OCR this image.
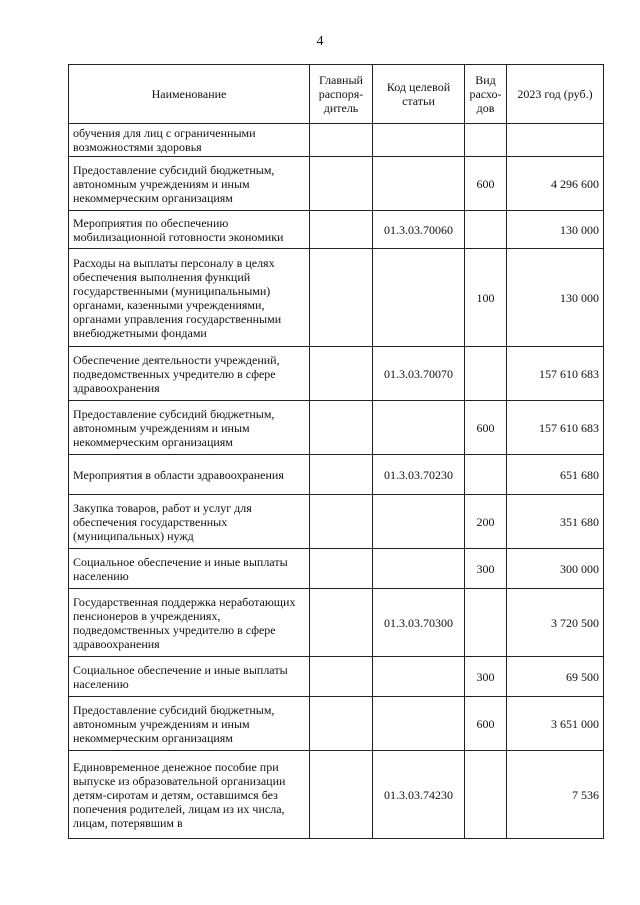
4
Наименование	Главный распоря-дитель	Код целевой статьи	Вид расхо-дов	2023 год (руб.)
обучения для лиц с ограниченными возможностями здоровья				
Предоставление субсидий бюджетным, автономным учреждениям и иным некоммерческим организациям			600	4 296 600
Мероприятия по обеспечению мобилизационной готовности экономики		01.3.03.70060		130 000
Расходы на выплаты персоналу в целях обеспечения выполнения функций государственными (муниципальными) органами, казенными учреждениями, органами управления государственными внебюджетными фондами			100	130 000
Обеспечение деятельности учреждений, подведомственных учредителю в сфере здравоохранения		01.3.03.70070		157 610 683
Предоставление субсидий бюджетным, автономным учреждениям и иным некоммерческим организациям			600	157 610 683
Мероприятия в области здравоохранения		01.3.03.70230		651 680
Закупка товаров, работ и услуг для обеспечения государственных (муниципальных) нужд			200	351 680
Социальное обеспечение и иные выплаты населению			300	300 000
Государственная поддержка неработающих пенсионеров в учреждениях, подведомственных учредителю в сфере здравоохранения		01.3.03.70300		3 720 500
Социальное обеспечение и иные выплаты населению			300	69 500
Предоставление субсидий бюджетным, автономным учреждениям и иным некоммерческим организациям			600	3 651 000
Единовременное денежное пособие при выпуске из образовательной организации детям-сиротам и детям, оставшимся без попечения родителей, лицам из их числа, лицам, потерявшим в		01.3.03.74230		7 536
